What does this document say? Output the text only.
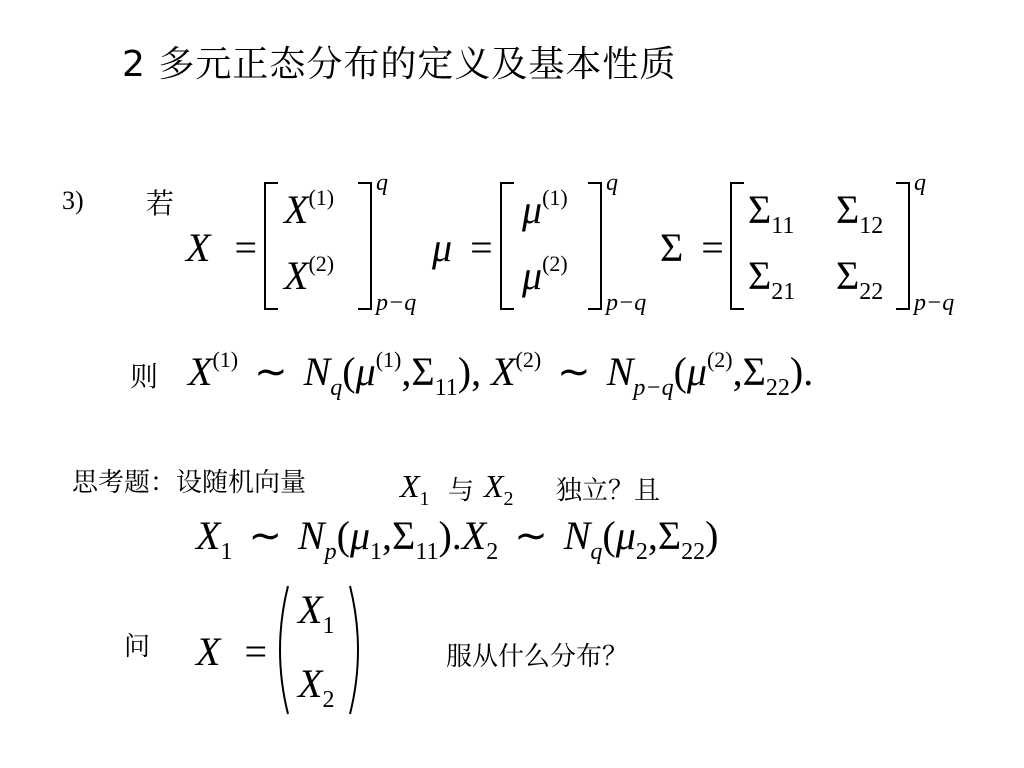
2 多元正态分布的定义及基本性质
3) 若
X =
$X^{(1)}$
$X^{(2)}$
q
p−q
μ =
$\mu^{(1)}$
$\mu^{(2)}$
q
p−q
Σ =
$\Sigma_{11}$ $\Sigma_{12}$
$\Sigma_{21}$ $\Sigma_{22}$
q
p−q
则 $X^{(1)}$ ∼ $N_q(\mu^{(1)},\Sigma_{11})$, $X^{(2)}$ ∼ $N_{p-q}(\mu^{(2)},\Sigma_{22})$.
思考题：设随机向量	$X_1$ 与 $X_2$ 独立？且
$X_1$ ∼ $N_p(\mu_1,\Sigma_{11}).X_2$ ∼ $N_q(\mu_2,\Sigma_{22})$
问 X =
$X_1$
$X_2$
服从什么分布？
